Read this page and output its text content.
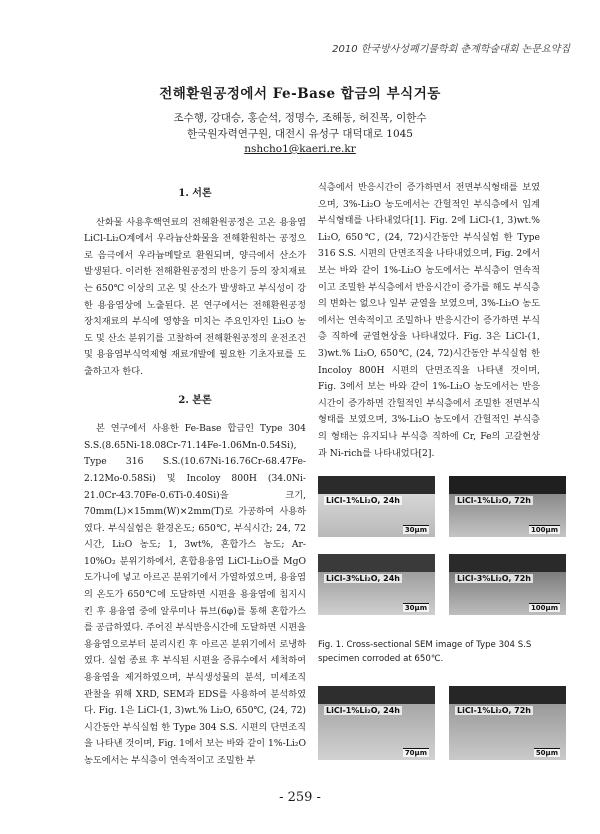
2010 한국방사성폐기물학회 춘계학술대회 논문요약집
전해환원공정에서 Fe-Base 합금의 부식거동
조수행, 강대승, 홍순석, 정명수, 조해동, 허진목, 이한수
한국원자력연구원, 대전시 유성구 대덕대로 1045
nshcho1@kaeri.re.kr
1. 서론

산화물 사용후핵연료의 전해환원공정은 고온 용융염 LiCl-Li₂O계에서 우라늄산화물을 전해환원하는 공정으로 음극에서 우라늄메탈로 환원되며, 양극에서 산소가 발생된다. 이러한 전해환원공정의 반응기 등의 장치재료는 650℃ 이상의 고온 및 산소가 발생하고 부식성이 강한 용융염상에 노출된다. 본 연구에서는 전해환원공정 장치재료의 부식에 영향을 미치는 주요인자인 Li₂O 농도 및 산소 분위기를 고찰하여 전해환원공정의 운전조건 및 용융염부식억제형 재료개발에 필요한 기초자료를 도출하고자 한다.

2. 본론

본 연구에서 사용한 Fe-Base 합금인 Type 304 S.S.(8.65Ni-18.08Cr-71.14Fe-1.06Mn-0.54Si), Type 316 S.S.(10.67Ni-16.76Cr-68.47Fe-2.12Mo-0.58Si) 및 Incoloy 800H (34.0Ni-21.0Cr-43.70Fe-0.6Ti-0.40Si)을 크기, 70mm(L)×15mm(W)×2mm(T)로 가공하여 사용하였다. 부식실험은 환경온도; 650℃, 부식시간; 24, 72시간, Li₂O 농도; 1, 3wt%, 혼합가스 농도; Ar-10%O₂ 분위기하에서, 혼합용융염 LiCl-Li₂O를 MgO 도가니에 넣고 아르곤 분위기에서 가열하였으며, 용융염의 온도가 650℃에 도달하면 시편을 용융염에 침지시킨 후 용융염 중에 알루미나 튜브(6φ)를 통해 혼합가스를 공급하였다. 주어진 부식반응시간에 도달하면 시편을 용융염으로부터 분리시킨 후 아르곤 분위기에서 로냉하였다. 실험 종료 후 부식된 시편을 증류수에서 세척하여 용융염을 제거하였으며, 부식생성물의 분석, 미세조직 관찰을 위해 XRD, SEM과 EDS를 사용하여 분석하였다. Fig. 1은 LiCl-(1, 3)wt.% Li₂O, 650℃, (24, 72)시간동안 부식실험 한 Type 304 S.S. 시편의 단면조직을 나타낸 것이며, Fig. 1에서 보는 바와 같이 1%-Li₂O 농도에서는 부식층이 연속적이고 조밀한 부

식층에서 반응시간이 증가하면서 전면부식형태를 보였으며, 3%-Li₂O 농도에서는 간헐적인 부식층에서 입계부식형태를 나타내었다[1]. Fig. 2에 LiCl-(1, 3)wt.% Li₂O, 650℃, (24, 72)시간동안 부식실험 한 Type 316 S.S. 시편의 단면조직을 나타내었으며, Fig. 2에서 보는 바와 같이 1%-Li₂O 농도에서는 부식층이 연속적이고 조밀한 부식층에서 반응시간이 증가를 해도 부식층의 변화는 없으나 일부 균열을 보였으며, 3%-Li₂O 농도에서는 연속적이고 조밀하나 반응시간이 증가하면 부식층 직하에 균열현상을 나타내었다. Fig. 3은 LiCl-(1, 3)wt.% Li₂O, 650℃, (24, 72)시간동안 부식실험 한 Incoloy 800H 시편의 단면조직을 나타낸 것이며, Fig. 3에서 보는 바와 같이 1%-Li₂O 농도에서는 반응시간이 증가하면 간헐적인 부식층에서 조밀한 전면부식 형태를 보였으며, 3%-Li₂O 농도에서 간헐적인 부식층의 형태는 유지되나 부식층 직하에 Cr, Fe의 고갈현상과 Ni-rich를 나타내었다[2].

LiCl-1%Li₂O, 24h
30μm
LiCl-1%Li₂O, 72h
100μm
LiCl-3%Li₂O, 24h
30μm
LiCl-3%Li₂O, 72h
100μm
Fig. 1. Cross-sectional SEM image of Type 304 S.S specimen corroded at 650℃.
LiCl-1%Li₂O, 24h
70μm
LiCl-1%Li₂O, 72h
50μm
- 259 -
